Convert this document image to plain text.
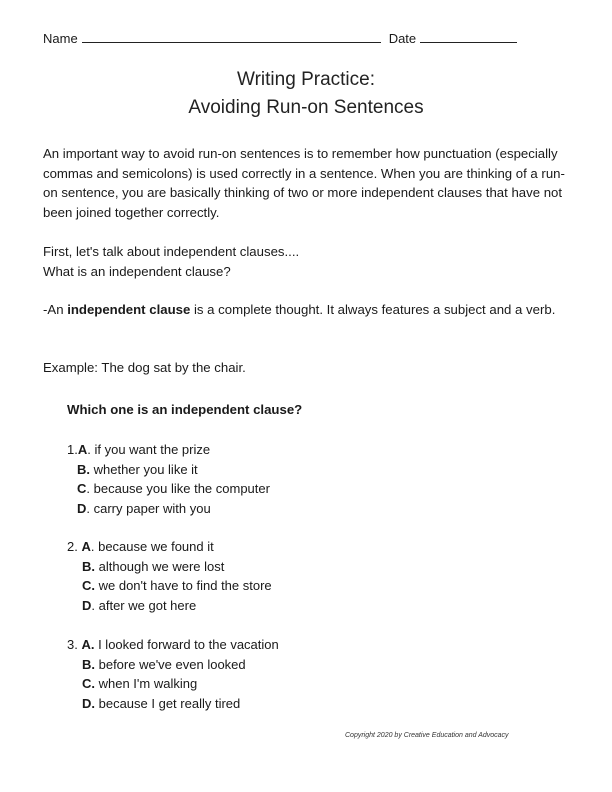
Name	Date
Writing Practice:
Avoiding Run-on Sentences
An important way to avoid run-on sentences is to remember how punctuation (especially commas and semicolons) is used correctly in a sentence. When you are thinking of a run-on sentence, you are basically thinking of two or more independent clauses that have not been joined together correctly.
First, let's talk about independent clauses....
What is an independent clause?
-An independent clause is a complete thought. It always features a subject and a verb.
Example: The dog sat by the chair.
Which one is an independent clause?
1.A. if you want the prize
B. whether you like it
C. because you like the computer
D. carry paper with you
2. A. because we found it
B. although we were lost
C. we don't have to find the store
D. after we got here
3. A. I looked forward to the vacation
B. before we've even looked
C. when I'm walking
D. because I get really tired
Copyright 2020 by Creative Education and Advocacy
